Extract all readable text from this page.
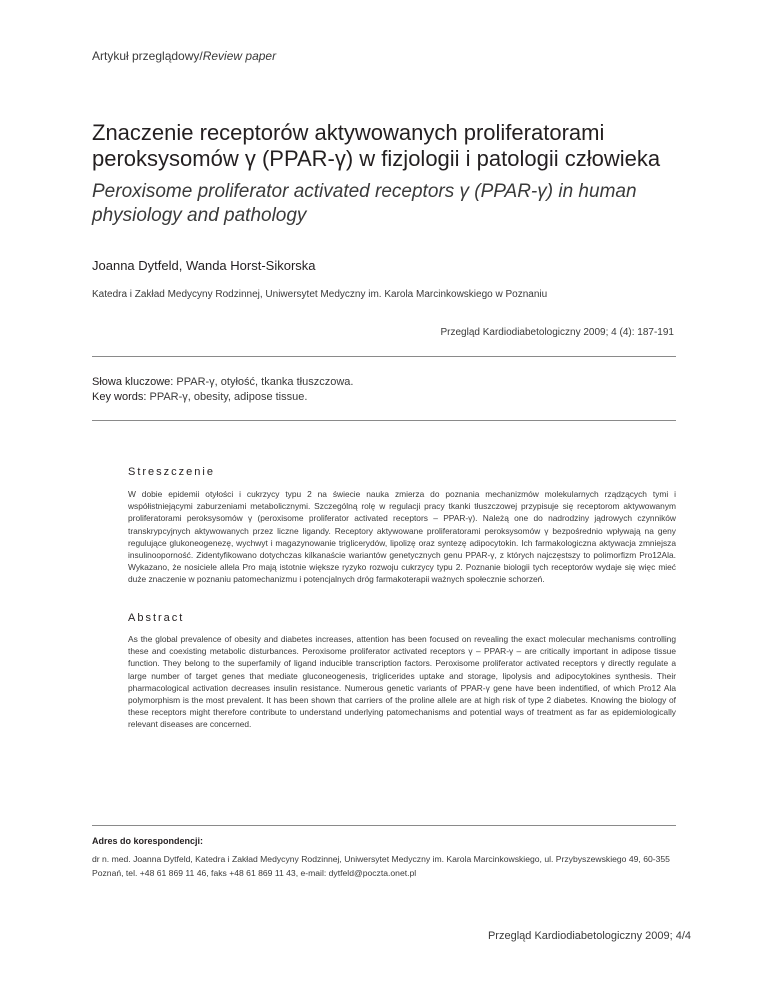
Artykuł przeglądowy/Review paper
Znaczenie receptorów aktywowanych proliferatorami peroksysomów γ (PPAR-γ) w fizjologii i patologii człowieka
Peroxisome proliferator activated receptors γ (PPAR-γ) in human physiology and pathology
Joanna Dytfeld, Wanda Horst-Sikorska
Katedra i Zakład Medycyny Rodzinnej, Uniwersytet Medyczny im. Karola Marcinkowskiego w Poznaniu
Przegląd Kardiodiabetologiczny 2009; 4 (4): 187-191
Słowa kluczowe: PPAR-γ, otyłość, tkanka tłuszczowa.
Key words: PPAR-γ, obesity, adipose tissue.
Streszczenie
W dobie epidemii otyłości i cukrzycy typu 2 na świecie nauka zmierza do poznania mechanizmów molekularnych rządzących tymi i współistniejącymi zaburzeniami metabolicznymi. Szczególną rolę w regulacji pracy tkanki tłuszczowej przypisuje się receptorom aktywowanym proliferatorami peroksysomów γ (peroxisome proliferator activated receptors – PPAR-γ). Należą one do nadrodziny jądrowych czynników transkrypcyjnych aktywowanych przez liczne ligandy. Receptory aktywowane proliferatorami peroksysomów γ bezpośrednio wpływają na geny regulujące glukoneogenezę, wychwyt i magazynowanie triglicerydów, lipolizę oraz syntezę adipocytokin. Ich farmakologiczna aktywacja zmniejsza insulinooporność. Zidentyfikowano dotychczas kilkanaście wariantów genetycznych genu PPAR-γ, z których najczęstszy to polimorfizm Pro12Ala. Wykazano, że nosiciele allela Pro mają istotnie większe ryzyko rozwoju cukrzycy typu 2. Poznanie biologii tych receptorów wydaje się więc mieć duże znaczenie w poznaniu patomechanizmu i potencjalnych dróg farmakoterapii ważnych społecznie schorzeń.
Abstract
As the global prevalence of obesity and diabetes increases, attention has been focused on revealing the exact molecular mechanisms controlling these and coexisting metabolic disturbances. Peroxisome proliferator activated receptors γ – PPAR-γ – are critically important in adipose tissue function. They belong to the superfamily of ligand inducible transcription factors. Peroxisome proliferator activated receptors γ directly regulate a large number of target genes that mediate gluconeogenesis, triglicerides uptake and storage, lipolysis and adipocytokines synthesis. Their pharmacological activation decreases insulin resistance. Numerous genetic variants of PPAR-γ gene have been indentified, of which Pro12 Ala polymorphism is the most prevalent. It has been shown that carriers of the proline allele are at high risk of type 2 diabetes. Knowing the biology of these receptors might therefore contribute to understand underlying patomechanisms and potential ways of treatment as far as epidemiologically relevant diseases are concerned.
Adres do korespondencji:
dr n. med. Joanna Dytfeld, Katedra i Zakład Medycyny Rodzinnej, Uniwersytet Medyczny im. Karola Marcinkowskiego, ul. Przybyszewskiego 49, 60-355 Poznań, tel. +48 61 869 11 46, faks +48 61 869 11 43, e-mail: dytfeld@poczta.onet.pl
Przegląd Kardiodiabetologiczny 2009; 4/4
